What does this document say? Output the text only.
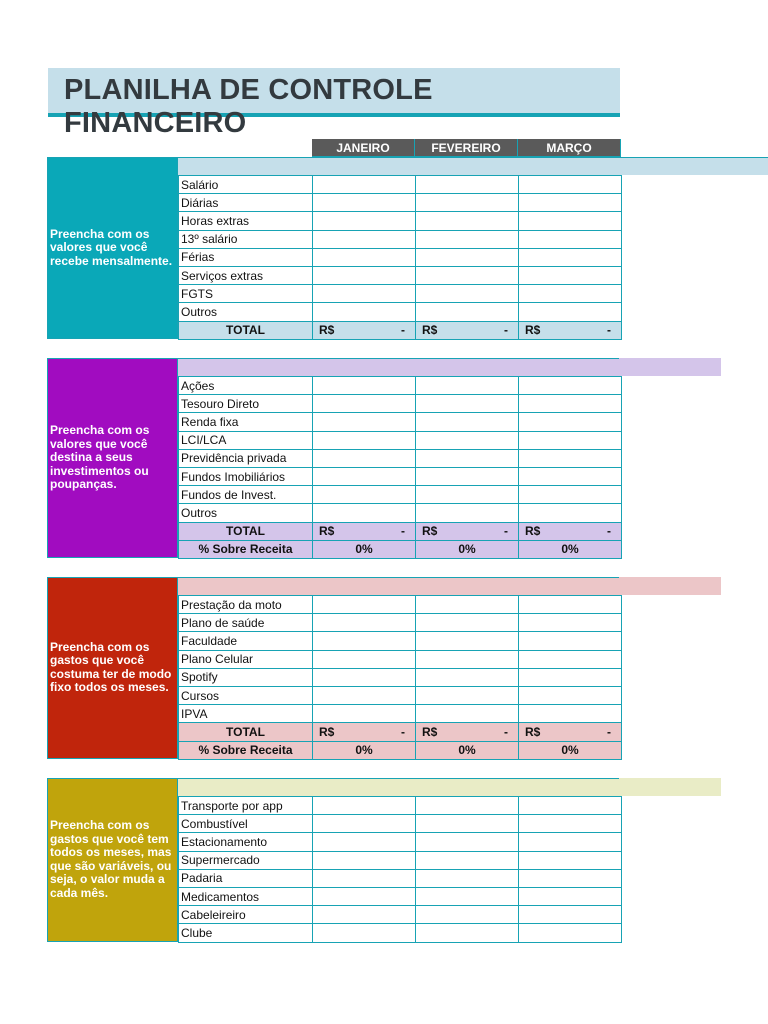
PLANILHA DE CONTROLE FINANCEIRO
JANEIRO	FEVEREIRO	MARÇO
Preencha com os
valores que você
recebe mensalmente.
Salário			
Diárias			
Horas extras			
13º salário			
Férias			
Serviços extras			
FGTS			
Outros			
TOTAL	R$ -	R$ -	R$ -
Preencha com os
valores que você
destina a seus
investimentos ou
poupanças.
Ações			
Tesouro Direto			
Renda fixa			
LCI/LCA			
Previdência privada			
Fundos Imobiliários			
Fundos de Invest.			
Outros			
TOTAL	R$ -	R$ -	R$ -

% Sobre Receita	0%	0%	0%
Preencha com os
gastos que você
costuma ter de modo
fixo todos os meses.
Prestação da moto			
Plano de saúde			
Faculdade			
Plano Celular			
Spotify			
Cursos			
IPVA			
TOTAL	R$ -	R$ -	R$ -

% Sobre Receita	0%	0%	0%
Preencha com os
gastos que você tem
todos os meses, mas
que são variáveis, ou
seja, o valor muda a
cada mês.
Transporte por app			
Combustível			
Estacionamento			
Supermercado			
Padaria			
Medicamentos			
Cabeleireiro			
Clube			
